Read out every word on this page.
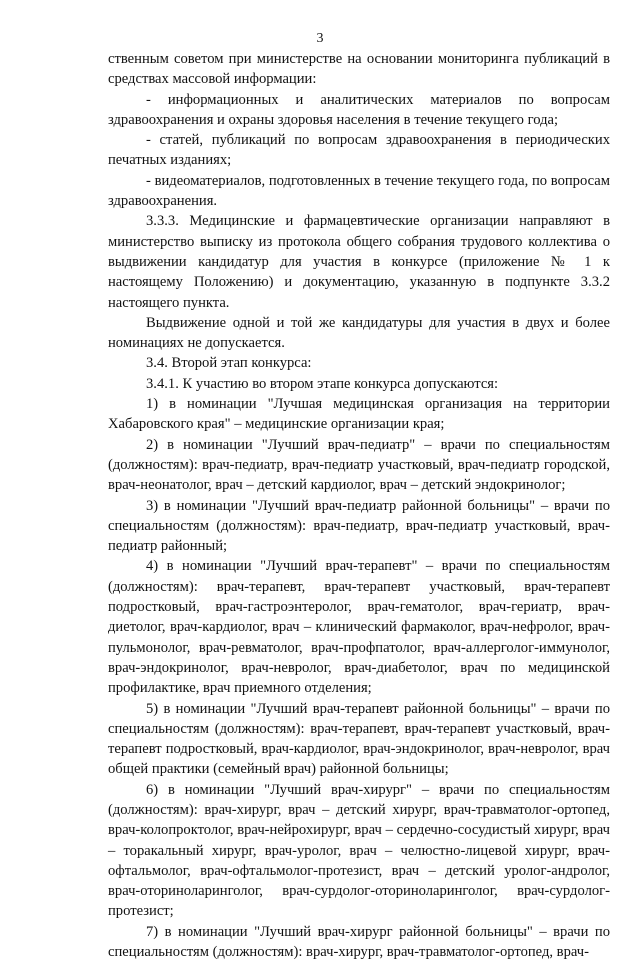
3

ственным советом при министерстве на основании мониторинга публикаций в средствах массовой информации:

- информационных и аналитических материалов по вопросам здравоохранения и охраны здоровья населения в течение текущего года;

- статей, публикаций по вопросам здравоохранения в периодических печатных изданиях;

- видеоматериалов, подготовленных в течение текущего года, по вопросам здравоохранения.

3.3.3. Медицинские и фармацевтические организации направляют в министерство выписку из протокола общего собрания трудового коллектива о выдвижении кандидатур для участия в конкурсе (приложение № 1 к настоящему Положению) и документацию, указанную в подпункте 3.3.2 настоящего пункта.

Выдвижение одной и той же кандидатуры для участия в двух и более номинациях не допускается.

3.4. Второй этап конкурса:

3.4.1. К участию во втором этапе конкурса допускаются:

1) в номинации "Лучшая медицинская организация на территории Хабаровского края" – медицинские организации края;

2) в номинации "Лучший врач-педиатр" – врачи по специальностям (должностям): врач-педиатр, врач-педиатр участковый, врач-педиатр городской, врач-неонатолог, врач – детский кардиолог, врач – детский эндокринолог;

3) в номинации "Лучший врач-педиатр районной больницы" – врачи по специальностям (должностям): врач-педиатр, врач-педиатр участковый, врач-педиатр районный;

4) в номинации "Лучший врач-терапевт" – врачи по специальностям (должностям): врач-терапевт, врач-терапевт участковый, врач-терапевт подростковый, врач-гастроэнтеролог, врач-гематолог, врач-гериатр, врач-диетолог, врач-кардиолог, врач – клинический фармаколог, врач-нефролог, врач-пульмонолог, врач-ревматолог, врач-профпатолог, врач-аллерголог-иммунолог, врач-эндокринолог, врач-невролог, врач-диабетолог, врач по медицинской профилактике, врач приемного отделения;

5) в номинации "Лучший врач-терапевт районной больницы" – врачи по специальностям (должностям): врач-терапевт, врач-терапевт участковый, врач-терапевт подростковый, врач-кардиолог, врач-эндокринолог, врач-невролог, врач общей практики (семейный врач) районной больницы;

6) в номинации "Лучший врач-хирург" – врачи по специальностям (должностям): врач-хирург, врач – детский хирург, врач-травматолог-ортопед, врач-колопроктолог, врач-нейрохирург, врач – сердечно-сосудистый хирург, врач – торакальный хирург, врач-уролог, врач – челюстно-лицевой хирург, врач-офтальмолог, врач-офтальмолог-протезист, врач – детский уролог-андролог, врач-оториноларинголог, врач-сурдолог-оториноларинголог, врач-сурдолог-протезист;

7) в номинации "Лучший врач-хирург районной больницы" – врачи по специальностям (должностям): врач-хирург, врач-травматолог-ортопед, врач-
